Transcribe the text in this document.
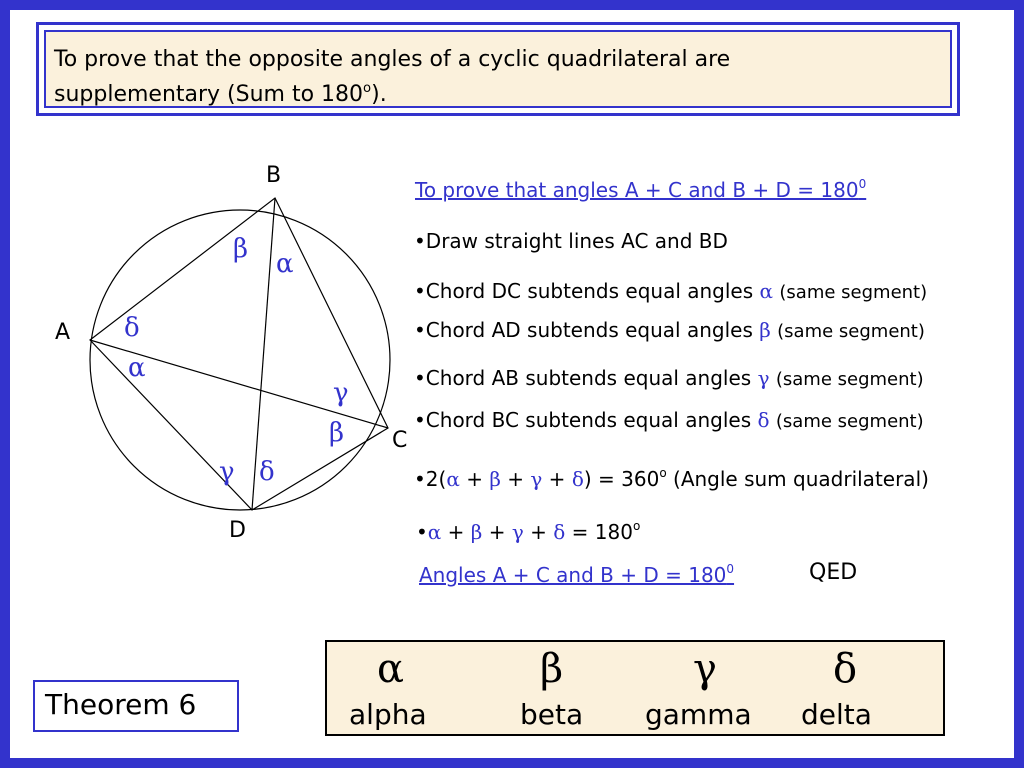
To prove that the opposite angles of a cyclic quadrilateral are
supplementary (Sum to 180$^o$).
B
A
C
D
β α
δ
α
γ
β
γ δ
To prove that angles A + C and $B + D = 180^0$
•Draw straight lines AC and BD
•Chord DC subtends equal angles α (same segment)
•Chord AD subtends equal angles β (same segment)
•Chord AB subtends equal angles γ (same segment)
•Chord BC subtends equal angles δ (same segment)
•2(α + $\beta + \gamma + \delta) = 360^o$ (Angle sum quadrilateral)
•α + $\beta + \gamma + \delta = 180^o$
Angles A + C and $B + D = 180^0$	QED
Theorem 6
α
alpha
β
beta
γ
gamma
δ
delta
